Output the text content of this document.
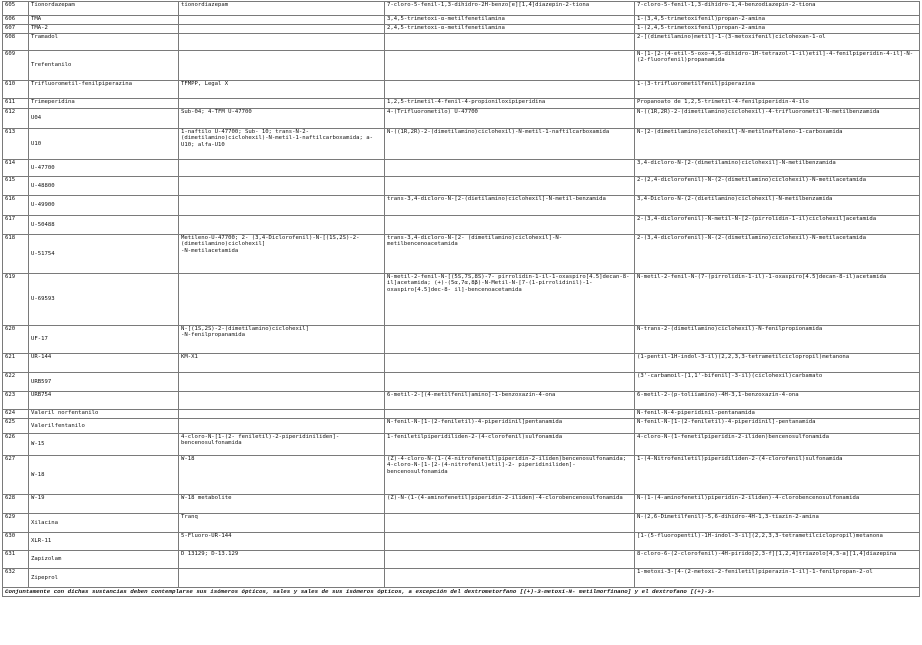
605	Tionordazepam	tionordiazepam	7-cloro-5-fenil-1,3-dihidro-2H-benzo[e][1,4]diazepin-2-tiona	7-cloro-5-fenil-1,3-dihidro-1,4-benzodiazepin-2-tiona
606	TMA		3,4,5-trimetoxi-α-metilfenetilamina	1-(3,4,5-trimetoxifenil)propan-2-amina
607	TMA-2		2,4,5-trimetoxi-α-metilfenetilamina	1-(2,4,5-trimetoxifenil)propan-2-amina
608	Tramadol			2-[(dimetilamino)metil]-1-(3-metoxifenil)ciclohexan-1-ol
609	Trefentanilo			N-[1-[2-(4-etil-5-oxo-4,5-dihidro-1H-tetrazol-1-il)etil]-4-fenilpiperidin-4-il]-N-(2-fluorofenil)propanamida
610	Trifluorometil-fenilpiperazina	TFMPP, Legal X		1-(3-trifluorometilfenil)piperazina
611	Trimeperidina		1,2,5-trimetil-4-fenil-4-propioniloxipiperidina	Propanoato de 1,2,5-trimetil-4-fenilpiperidin-4-ilo
612	U04	Sub-04; 4-TFM U-47700	4-(Trifluorometilo) U-47700	N-((1R,2R)-2-(dimetilamino)ciclohexil)-4-trifluorometil-N-metilbenzamida
613	U10	1-naftilo U-47700; Sub- 10; trans-N-2-(dimetilamino)ciclohexil)-N-metil-1-naftilcarboxamida; a-U10; alfa-U10	N-((1R,2R)-2-(dimetilamino)ciclohexil)-N-metil-1-naftilcarboxamida	N-[2-(dimetilamino)ciclohexil]-N-metilnaftaleno-1-carboxamida
614	U-47700			3,4-dicloro-N-[2-(dimetilamino)ciclohexil]-N-metilbenzamida
615	U-48800			2-(2,4-diclorofenil)-N-(2-(dimetilamino)ciclohexil)-N-metilacetamida
616	U-49900		trans-3,4-dicloro-N-[2-(dietilamino)ciclohexil]-N-metil-benzamida	3,4-Dicloro-N-(2-(dietilamino)ciclohexil)-N-metilbenzamida
617	U-50488			2-(3,4-diclorofenil)-N-metil-N-[2-(pirrolidin-1-il)ciclohexil]acetamida
618	U-51754	Metileno-U-47700; 2- (3,4-Diclorofenil)-N-[(1S,2S)-2-(dimetilamino)ciclohexil]
-N-metilacetamida	trans-3,4-dicloro-N-[2- (dimetilamino)ciclohexil]-N-metilbencenoacetamida	2-(3,4-diclorofenil)-N-(2-(dimetilamino)ciclohexil)-N-metilacetamida
619	U-69593		N-metil-2-fenil-N-[(5S,7S,8S)-7- pirrolidin-1-il-1-oxaspiro[4.5]decan-8-il]acetamida; (+)-(5α,7α,8β)-N-Metil-N-[7-(1-pirrolidinil)-1-oxaspiro[4.5]dec-8- il]-bencenoacetamida	N-metil-2-fenil-N-(7-(pirrolidin-1-il)-1-oxaspiro[4.5]decan-8-il)acetamida
620	UF-17	N-[(1S,2S)-2-(dimetilamino)ciclohexil]
-N-fenilpropanamida		N-trans-2-(dimetilamino)ciclohexil)-N-fenilpropionamida
621	UR-144	KM-X1		(1-pentil-1H-indol-3-il)(2,2,3,3-tetrametilciclopropil)metanona
622	URB597			(3'-carbamoil-[1,1'-bifenil]-3-il)(ciclohexil)carbamato
623	URB754		6-metil-2-[(4-metilfenil)amino]-1-benzoxazin-4-ona	6-metil-2-(p-toliiamino)-4H-3,1-benzoxazin-4-ona
624	Valeril norfentanilo			N-fenil-N-4-piperidinil-pentanamida
625	Valerilfentanilo		N-fenil-N-[1-(2-feniletil)-4-piperidinil]pentanamida	N-fenil-N-[1-(2-feniletil)-4-piperidinil]-pentanamida
626	W-15	4-cloro-N-[1-(2- feniletil)-2-piperidiniliden]-bencenosulfonamida	1-feniletilpiperidiliden-2-(4-clorofenil)sulfonamida	4-cloro-N-(1-fenetilpiperidin-2-iliden)bencenosulfonamida
627	W-18	W-18	(Z)-4-cloro-N-(1-(4-nitrofenetil)piperidin-2-iliden)bencenosulfonamida; 4-cloro-N-[1-[2-(4-nitrofenil)etil]-2- piperidiniliden]-bencenosulfonamida	1-(4-Nitrofeniletil)piperidiliden-2-(4-clorofenil)sulfonamida
628	W-19	W-18 metabolite	(Z)-N-(1-(4-aminofenetil)piperidin-2-iliden)-4-clorobencenosulfonamida	N-(1-(4-aminofenetil)piperidin-2-iliden)-4-clorobencenosulfonamida
629	Xilacina	Tranq		N-(2,6-Dimetilfenil)-5,6-dihidro-4H-1,3-tiazin-2-amina
630	XLR-11	5-Fluoro-UR-144		[1-(5-fluoropentil)-1H-indol-3-il](2,2,3,3-tetrametilciclopropil)metanona
631	Zapizolam	D 13129; D-13.129		8-cloro-6-(2-clorofenil)-4H-pirido[2,3-f][1,2,4]triazolo[4,3-a][1,4]diazepina
632	Zipeprol			1-metoxi-3-[4-(2-metoxi-2-feniletil)piperazin-1-il]-1-fenilpropan-2-ol
Conjuntamente con dichas sustancias deben contemplarse sus isómeros ópticos, sales y sales de sus isómeros ópticos, a excepción del dextrometorfano [(+)-3-metoxi-N- metilmorfinano] y el dextrofano [(+)-3-				
